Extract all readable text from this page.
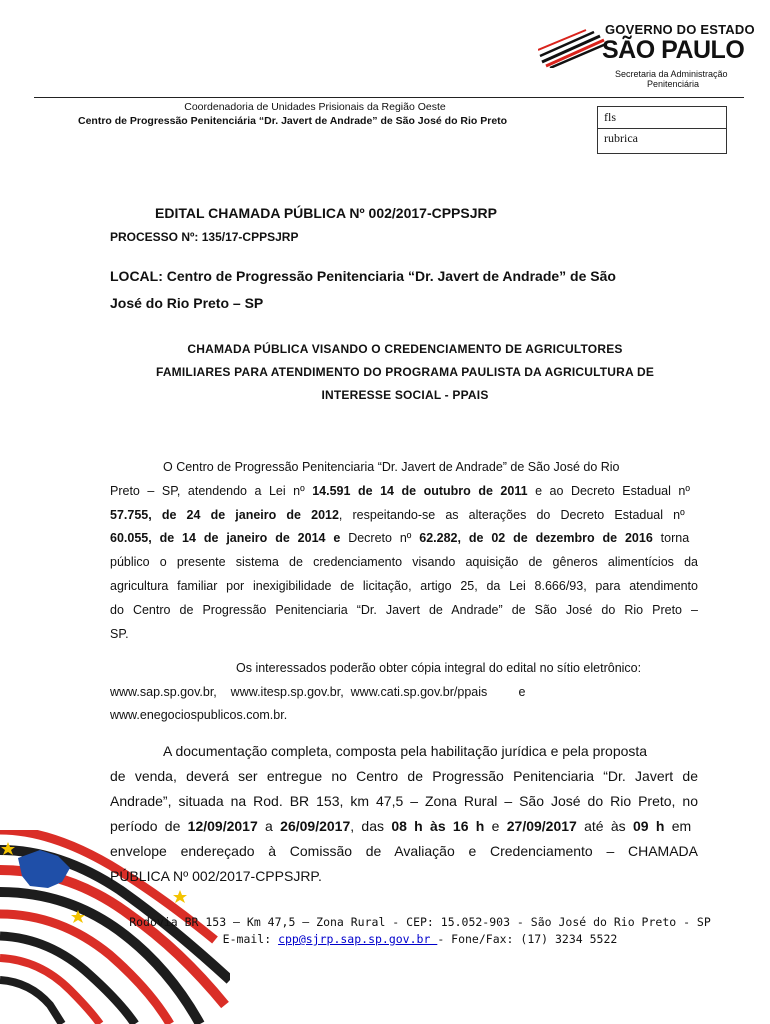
GOVERNO DO ESTADO
SÃO PAULO
Secretaria da Administração
Penitenciária
Coordenadoria de Unidades Prisionais da Região Oeste
Centro de Progressão Penitenciária “Dr. Javert de Andrade” de São José do Rio Preto	fls
rubrica
EDITAL CHAMADA PÚBLICA Nº 002/2017-CPPSJRP
PROCESSO Nº: 135/17-CPPSJRP
LOCAL: Centro de Progressão Penitenciaria “Dr. Javert de Andrade” de São
José do Rio Preto – SP
CHAMADA PÚBLICA VISANDO O CREDENCIAMENTO DE AGRICULTORES
FAMILIARES PARA ATENDIMENTO DO PROGRAMA PAULISTA DA AGRICULTURA DE
INTERESSE SOCIAL - PPAIS
O Centro de Progressão Penitenciaria “Dr. Javert de Andrade” de São José do Rio
Preto – SP, atendendo a Lei nº 14.591 de 14 de outubro de 2011 e ao Decreto Estadual nº
57.755, de 24 de janeiro de 2012, respeitando-se as alterações do Decreto Estadual nº
60.055, de 14 de janeiro de 2014 e Decreto nº 62.282, de 02 de dezembro de 2016 torna
público o presente sistema de credenciamento visando aquisição de gêneros alimentícios da
agricultura familiar por inexigibilidade de licitação, artigo 25, da Lei 8.666/93, para atendimento
do Centro de Progressão Penitenciaria “Dr. Javert de Andrade” de São José do Rio Preto –
SP.
Os interessados poderão obter cópia integral do edital no sítio eletrônico:
www.sap.sp.gov.br, www.itesp.sp.gov.br, www.cati.sp.gov.br/ppais	e
www.enegociospublicos.com.br.
A documentação completa, composta pela habilitação jurídica e pela proposta
de venda, deverá ser entregue no Centro de Progressão Penitenciaria “Dr. Javert de
Andrade”, situada na Rod. BR 153, km 47,5 – Zona Rural – São José do Rio Preto, no
período de 12/09/2017 a 26/09/2017, das 08 h às 16 h e 27/09/2017 até às 09 h em
envelope endereçado à Comissão de Avaliação e Credenciamento – CHAMADA
PÚBLICA Nº 002/2017-CPPSJRP.
Rodovia BR 153 – Km 47,5 – Zona Rural - CEP: 15.052-903 - São José do Rio Preto - SP
E-mail: cpp@sjrp.sap.sp.gov.br - Fone/Fax: (17) 3234 5522
